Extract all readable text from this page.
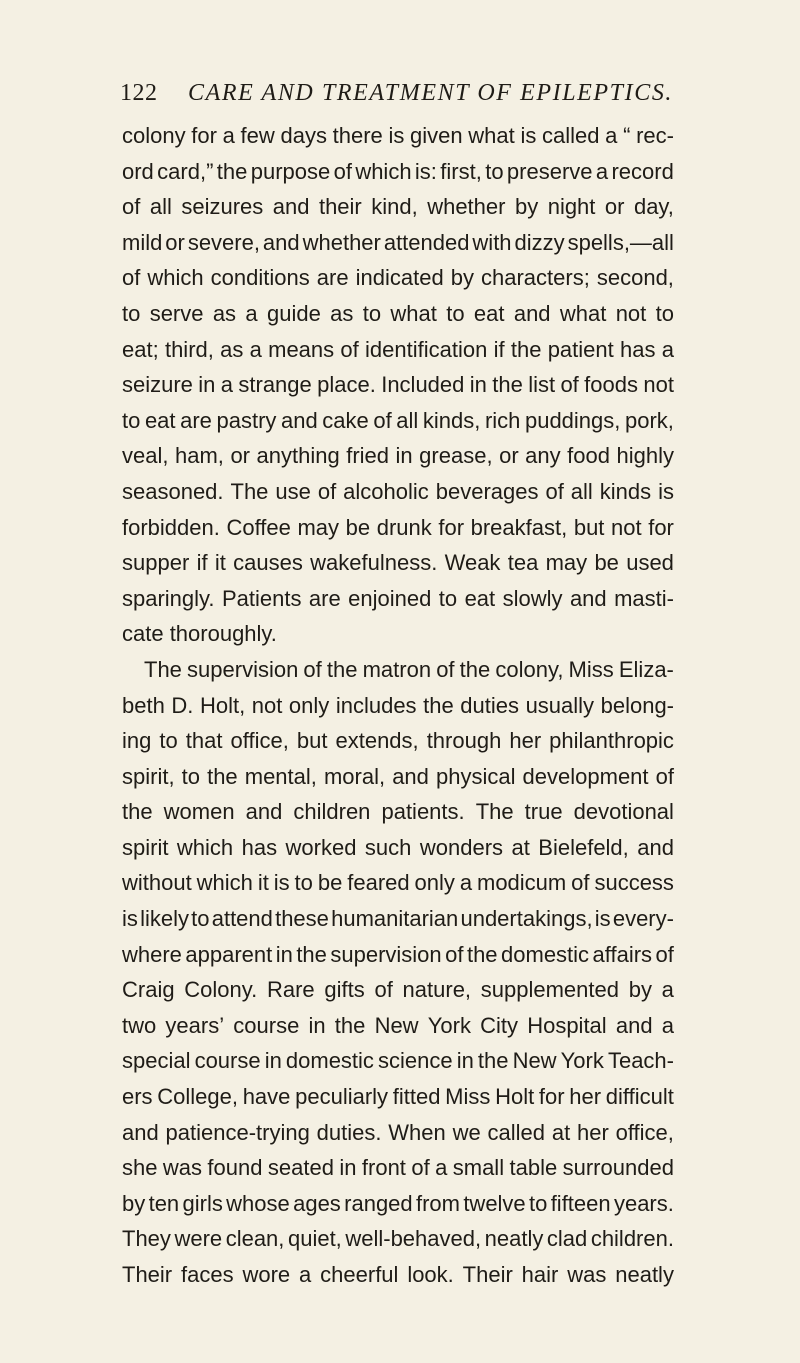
122 CARE AND TREATMENT OF EPILEPTICS.
colony for a few days there is given what is called a “ rec-
ord card,” the purpose of which is: first, to preserve a record
of all seizures and their kind, whether by night or day,
mild or severe, and whether attended with dizzy spells,—all
of which conditions are indicated by characters; second,
to serve as a guide as to what to eat and what not to
eat; third, as a means of identification if the patient has a
seizure in a strange place. Included in the list of foods not
to eat are pastry and cake of all kinds, rich puddings, pork,
veal, ham, or anything fried in grease, or any food highly
seasoned. The use of alcoholic beverages of all kinds is
forbidden. Coffee may be drunk for breakfast, but not for
supper if it causes wakefulness. Weak tea may be used
sparingly. Patients are enjoined to eat slowly and masti-
cate thoroughly.
The supervision of the matron of the colony, Miss Eliza-
beth D. Holt, not only includes the duties usually belong-
ing to that office, but extends, through her philanthropic
spirit, to the mental, moral, and physical development of
the women and children patients. The true devotional
spirit which has worked such wonders at Bielefeld, and
without which it is to be feared only a modicum of success
is likely to attend these humanitarian undertakings, is every-
where apparent in the supervision of the domestic affairs of
Craig Colony. Rare gifts of nature, supplemented by a
two years’ course in the New York City Hospital and a
special course in domestic science in the New York Teach-
ers College, have peculiarly fitted Miss Holt for her difficult
and patience-trying duties. When we called at her office,
she was found seated in front of a small table surrounded
by ten girls whose ages ranged from twelve to fifteen years.
They were clean, quiet, well-behaved, neatly clad children.
Their faces wore a cheerful look. Their hair was neatly
